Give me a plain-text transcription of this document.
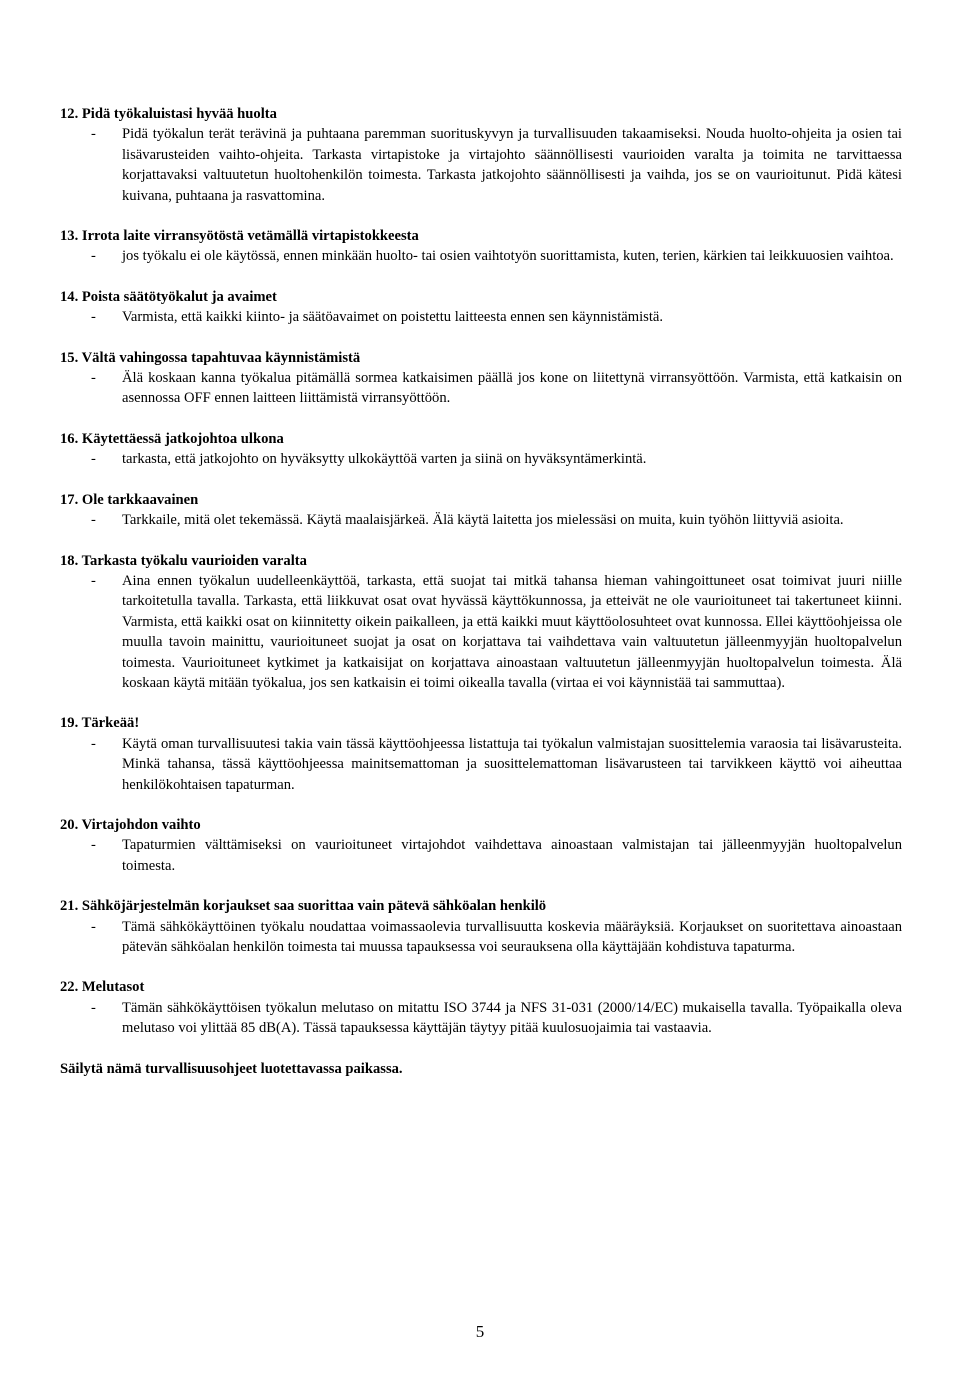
12. Pidä työkaluistasi hyvää huolta
- Pidä työkalun terät terävinä ja puhtaana paremman suorituskyvyn ja turvallisuuden takaamiseksi. Nouda huolto-ohjeita ja osien tai lisävarusteiden vaihto-ohjeita. Tarkasta virtapistoke ja virtajohto säännöllisesti vaurioiden varalta ja toimita ne tarvittaessa korjattavaksi valtuutetun huoltohenkilön toimesta. Tarkasta jatkojohto säännöllisesti ja vaihda, jos se on vaurioitunut. Pidä kätesi kuivana, puhtaana ja rasvattomina.
13. Irrota laite virransyötöstä vetämällä virtapistokkeesta
- jos työkalu ei ole käytössä, ennen minkään huolto- tai osien vaihtotyön suorittamista, kuten, terien, kärkien tai leikkuuosien vaihtoa.
14. Poista säätötyökalut ja avaimet
- Varmista, että kaikki kiinto- ja säätöavaimet on poistettu laitteesta ennen sen käynnistämistä.
15. Vältä vahingossa tapahtuvaa käynnistämistä
- Älä koskaan kanna työkalua pitämällä sormea katkaisimen päällä jos kone on liitettynä virransyöttöön. Varmista, että katkaisin on asennossa OFF ennen laitteen liittämistä virransyöttöön.
16. Käytettäessä jatkojohtoa ulkona
- tarkasta, että jatkojohto on hyväksytty ulkokäyttöä varten ja siinä on hyväksyntämerkintä.
17. Ole tarkkaavainen
- Tarkkaile, mitä olet tekemässä. Käytä maalaisjärkeä. Älä käytä laitetta jos mielessäsi on muita, kuin työhön liittyviä asioita.
18. Tarkasta työkalu vaurioiden varalta
- Aina ennen työkalun uudelleenkäyttöä, tarkasta, että suojat tai mitkä tahansa hieman vahingoittuneet osat toimivat juuri niille tarkoitetulla tavalla. Tarkasta, että liikkuvat osat ovat hyvässä käyttökunnossa, ja etteivät ne ole vaurioituneet tai takertuneet kiinni. Varmista, että kaikki osat on kiinnitetty oikein paikalleen, ja että kaikki muut käyttöolosuhteet ovat kunnossa. Ellei käyttöohjeissa ole muulla tavoin mainittu, vaurioituneet suojat ja osat on korjattava tai vaihdettava vain valtuutetun jälleenmyyjän huoltopalvelun toimesta. Vaurioituneet kytkimet ja katkaisijat on korjattava ainoastaan valtuutetun jälleenmyyjän huoltopalvelun toimesta. Älä koskaan käytä mitään työkalua, jos sen katkaisin ei toimi oikealla tavalla (virtaa ei voi käynnistää tai sammuttaa).
19. Tärkeää!
- Käytä oman turvallisuutesi takia vain tässä käyttöohjeessa listattuja tai työkalun valmistajan suosittelemia varaosia tai lisävarusteita. Minkä tahansa, tässä käyttöohjeessa mainitsemattoman ja suosittelemattoman lisävarusteen tai tarvikkeen käyttö voi aiheuttaa henkilökohtaisen tapaturman.
20. Virtajohdon vaihto
- Tapaturmien välttämiseksi on vaurioituneet virtajohdot vaihdettava ainoastaan valmistajan tai jälleenmyyjän huoltopalvelun toimesta.
21. Sähköjärjestelmän korjaukset saa suorittaa vain pätevä sähköalan henkilö
- Tämä sähkökäyttöinen työkalu noudattaa voimassaolevia turvallisuutta koskevia määräyksiä. Korjaukset on suoritettava ainoastaan pätevän sähköalan henkilön toimesta tai muussa tapauksessa voi seurauksena olla käyttäjään kohdistuva tapaturma.
22. Melutasot
- Tämän sähkökäyttöisen työkalun melutaso on mitattu ISO 3744 ja NFS 31-031 (2000/14/EC) mukaisella tavalla. Työpaikalla oleva melutaso voi ylittää 85 dB(A). Tässä tapauksessa käyttäjän täytyy pitää kuulosuojaimia tai vastaavia.
Säilytä nämä turvallisuusohjeet luotettavassa paikassa.
5
